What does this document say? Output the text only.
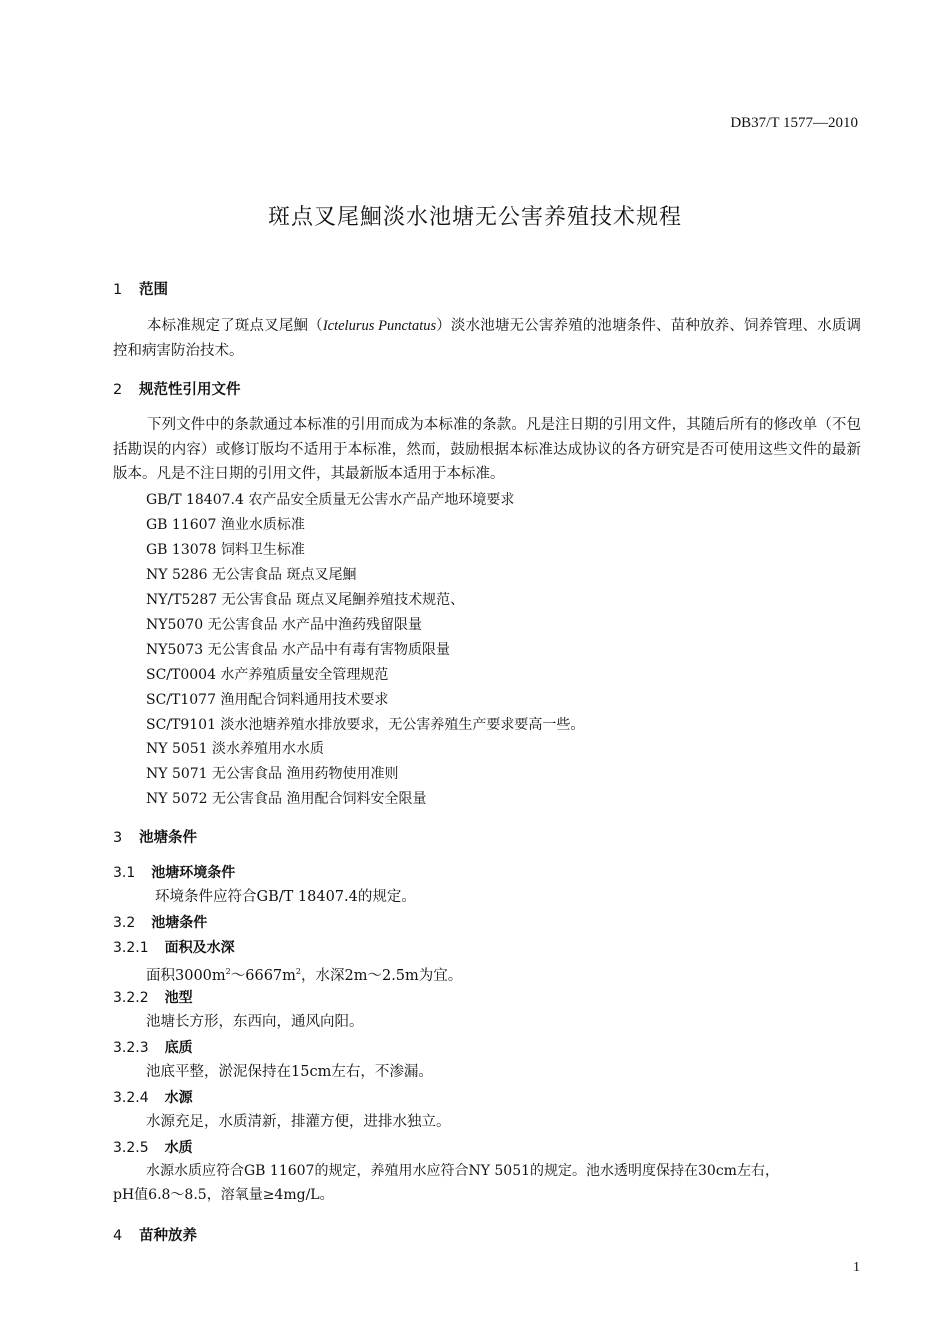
DB37/T 1577—2010
斑点叉尾鮰淡水池塘无公害养殖技术规程
1 范围
本标准规定了斑点叉尾鮰（Ictelurus Punctatus）淡水池塘无公害养殖的池塘条件、苗种放养、饲养管理、水质调控和病害防治技术。
2 规范性引用文件
下列文件中的条款通过本标准的引用而成为本标准的条款。凡是注日期的引用文件，其随后所有的修改单（不包括勘误的内容）或修订版均不适用于本标准，然而，鼓励根据本标准达成协议的各方研究是否可使用这些文件的最新版本。凡是不注日期的引用文件，其最新版本适用于本标准。
GB/T 18407.4 农产品安全质量无公害水产品产地环境要求
GB 11607 渔业水质标准
GB 13078 饲料卫生标准
NY 5286 无公害食品 斑点叉尾鮰
NY/T5287 无公害食品 斑点叉尾鮰养殖技术规范、
NY5070 无公害食品 水产品中渔药残留限量
NY5073 无公害食品 水产品中有毒有害物质限量
SC/T0004 水产养殖质量安全管理规范
SC/T1077 渔用配合饲料通用技术要求
SC/T9101 淡水池塘养殖水排放要求，无公害养殖生产要求要高一些。
NY 5051 淡水养殖用水水质
NY 5071 无公害食品 渔用药物使用准则
NY 5072 无公害食品 渔用配合饲料安全限量
3 池塘条件
3.1 池塘环境条件
环境条件应符合GB/T 18407.4的规定。
3.2 池塘条件
3.2.1 面积及水深
面积$3000m^2\sim 6667m^2$，水深2m～2.5m为宜。
3.2.2 池型
池塘长方形，东西向，通风向阳。
3.2.3 底质
池底平整，淤泥保持在15cm左右，不渗漏。
3.2.4 水源
水源充足，水质清新，排灌方便，进排水独立。
3.2.5 水质
水源水质应符合GB 11607的规定，养殖用水应符合NY 5051的规定。池水透明度保持在30cm左右，
pH值6.8～8.5，溶氧量≥4mg/L。
4 苗种放养
1
